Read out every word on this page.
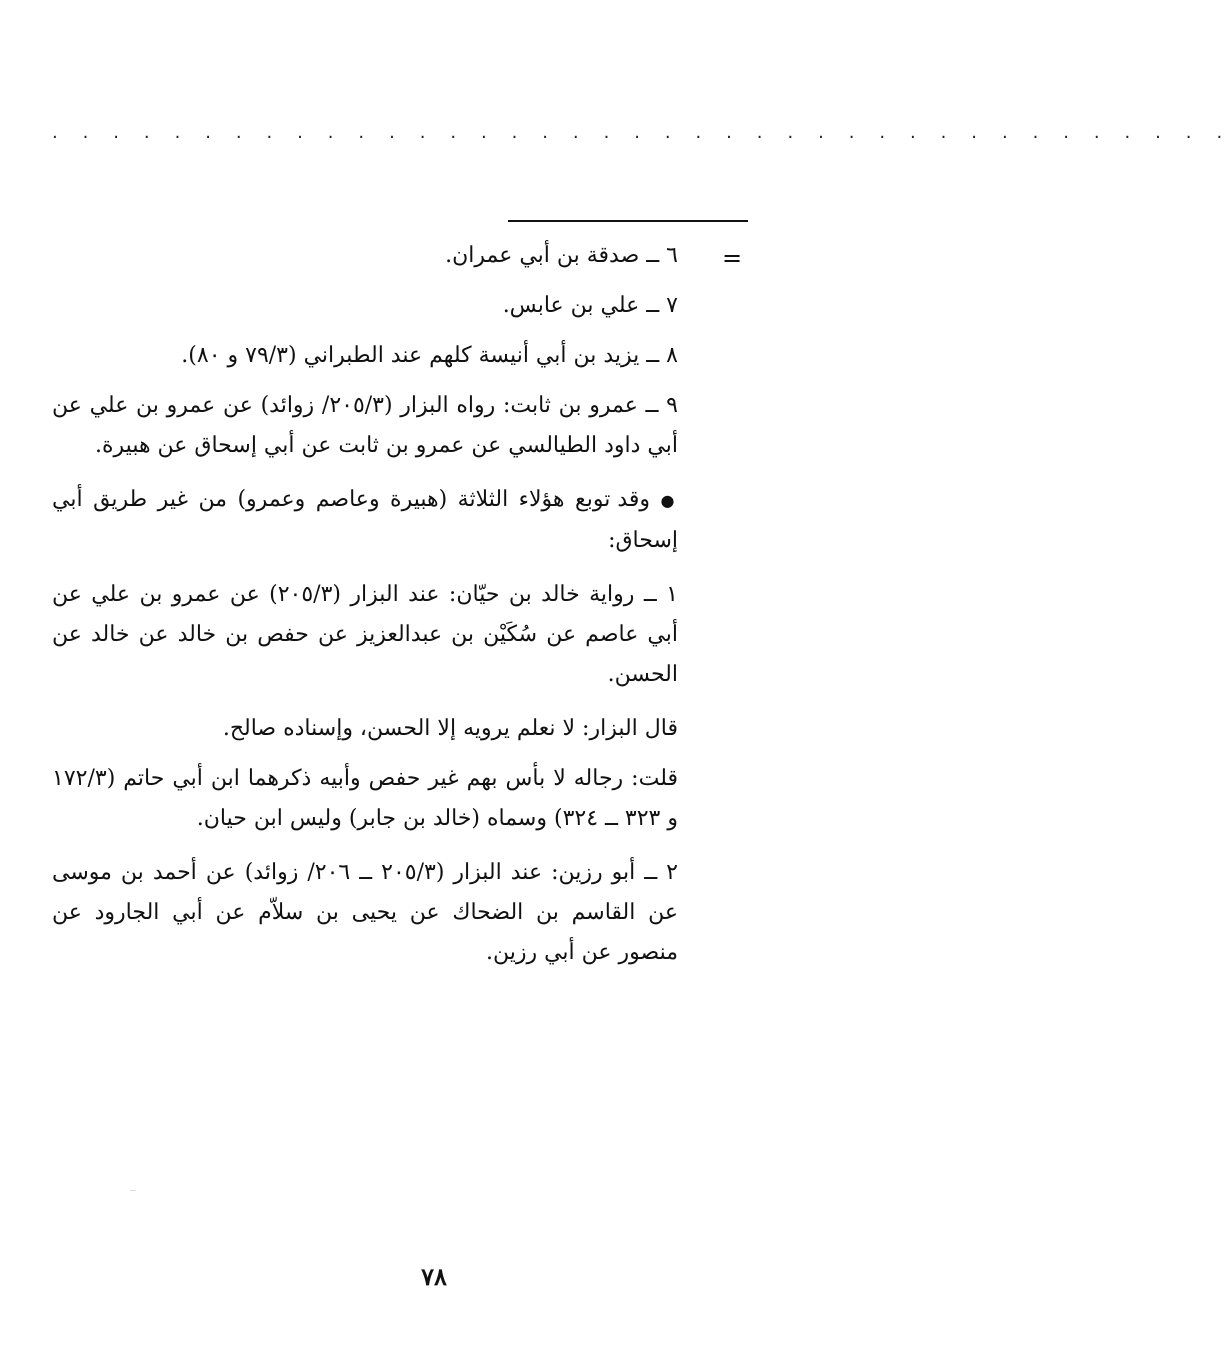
· · · · · · · · · · · · · · · · · · · · · · · · · · · · · · · · · · · · · · ·
=

٦ ــ صدقة بن أبي عمران.

٧ ــ علي بن عابس.

٨ ــ يزيد بن أبي أنيسة كلهم عند الطبراني (٧٩/٣ و ٨٠).

٩ ــ عمرو بن ثابت: رواه البزار (٢٠٥/٣/ زوائد) عن عمرو بن علي عن أبي داود الطيالسي عن عمرو بن ثابت عن أبي إسحاق عن هبيرة.

● وقد توبع هؤلاء الثلاثة (هبيرة وعاصم وعمرو) من غير طريق أبي إسحاق:

١ ــ رواية خالد بن حيّان: عند البزار (٢٠٥/٣) عن عمرو بن علي عن أبي عاصم عن سُكَيْن بن عبدالعزيز عن حفص بن خالد عن خالد عن الحسن.

قال البزار: لا نعلم يرويه إلا الحسن، وإسناده صالح.

قلت: رجاله لا بأس بهم غير حفص وأبيه ذكرهما ابن أبي حاتم (١٧٢/٣ و ٣٢٣ ــ ٣٢٤) وسماه (خالد بن جابر) وليس ابن حيان.

٢ ــ أبو رزين: عند البزار (٢٠٥/٣ ــ ٢٠٦/ زوائد) عن أحمد بن موسى عن القاسم بن الضحاك عن يحيى بن سلاّم عن أبي الجارود عن منصور عن أبي رزين.

٧٨
